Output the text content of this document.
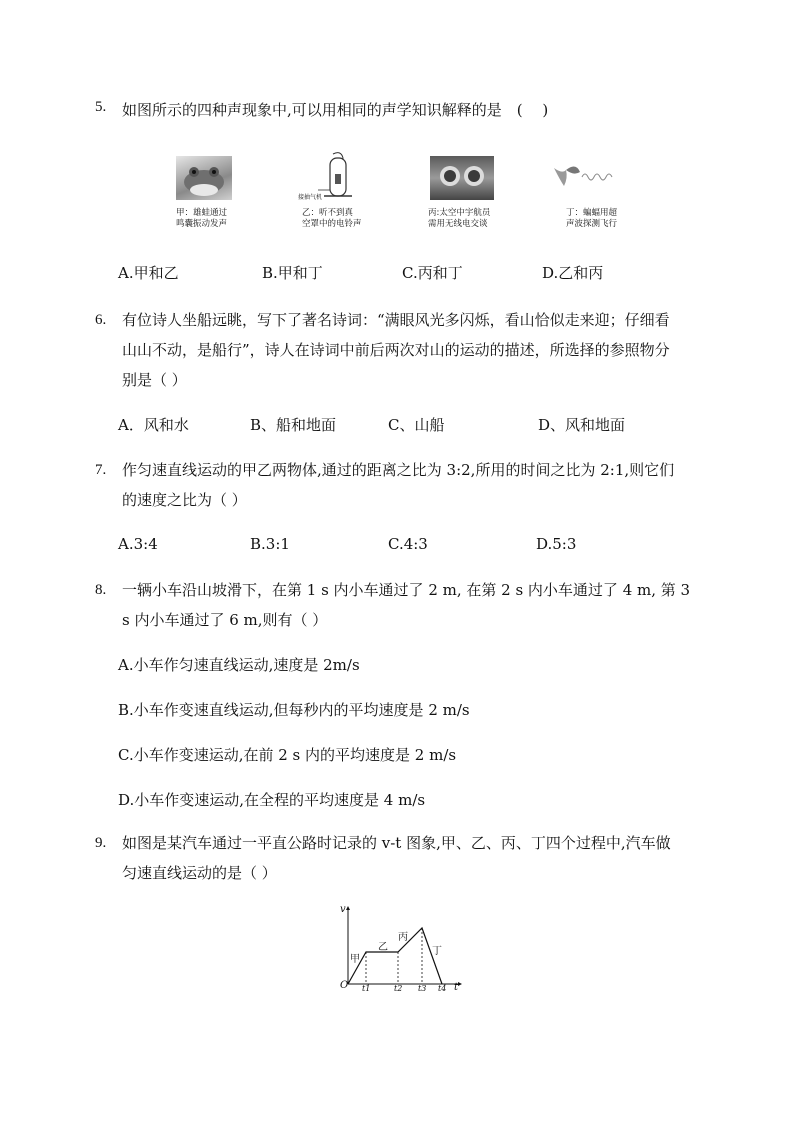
5. 如图所示的四种声现象中,可以用相同的声学知识解释的是　( 　)
甲：雄蛙通过
鸣囊振动发声
接抽气机
乙：听不到真
空罩中的电铃声
丙:太空中宇航员
需用无线电交谈
丁：蝙蝠用超
声波探测飞行
A.甲和乙	B.甲和丁	C.丙和丁	D.乙和丙
6. 有位诗人坐船远眺，写下了著名诗词：“满眼风光多闪烁，看山恰似走来迎；仔细看
山山不动，是船行”，诗人在诗词中前后两次对山的运动的描述，所选择的参照物分
别是（ ）
A．风和水	B、船和地面	C、山船	D、风和地面
7. 作匀速直线运动的甲乙两物体,通过的距离之比为 3:2,所用的时间之比为 2:1,则它们
的速度之比为（ ）
A.3:4	B.3:1	C.4:3	D.5:3
8. 一辆小车沿山坡滑下，在第 1 s 内小车通过了 2 m, 在第 2 s 内小车通过了 4 m, 第 3
s 内小车通过了 6 m,则有（ ）
A.小车作匀速直线运动,速度是 2m/s
B.小车作变速直线运动,但每秒内的平均速度是 2 m/s
C.小车作变速运动,在前 2 s 内的平均速度是 2 m/s
D.小车作变速运动,在全程的平均速度是 4 m/s
9. 如图是某汽车通过一平直公路时记录的 v-t 图象,甲、乙、丙、丁四个过程中,汽车做
匀速直线运动的是（ ）
v
t
O t1	t2 t3 t4
甲
乙
丙
丁
